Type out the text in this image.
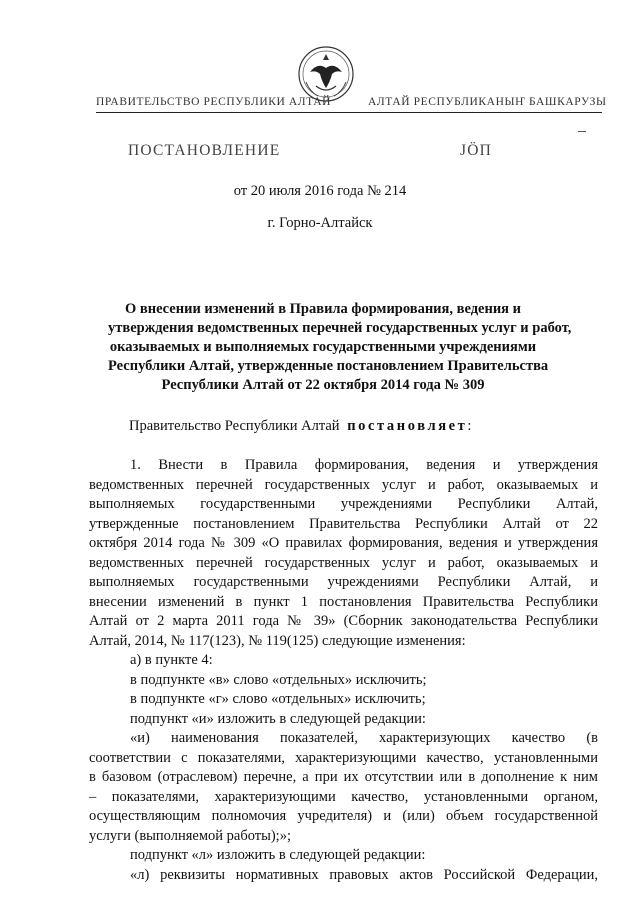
ПРАВИТЕЛЬСТВО РЕСПУБЛИКИ АЛТАЙ	АЛТАЙ РЕСПУБЛИКАНЫҤ БАШКАРУЗЫ
ПОСТАНОВЛЕНИЕ	JÖП
от 20 июля 2016 года № 214
г. Горно-Алтайск
О внесении изменений в Правила формирования, ведения и
утверждения ведомственных перечней государственных услуг и работ,
оказываемых и выполняемых государственными учреждениями
Республики Алтай, утвержденные постановлением Правительства
Республики Алтай от 22 октября 2014 года № 309
Правительство Республики Алтай постановляет:
1. Внести в Правила формирования, ведения и утверждения
ведомственных перечней государственных услуг и работ, оказываемых и
выполняемых государственными учреждениями Республики Алтай,
утвержденные постановлением Правительства Республики Алтай от 22
октября 2014 года № 309 «О правилах формирования, ведения и утверждения
ведомственных перечней государственных услуг и работ, оказываемых и
выполняемых государственными учреждениями Республики Алтай, и
внесении изменений в пункт 1 постановления Правительства Республики
Алтай от 2 марта 2011 года № 39» (Сборник законодательства Республики
Алтай, 2014, № 117(123), № 119(125) следующие изменения:
а) в пункте 4:
в подпункте «в» слово «отдельных» исключить;
в подпункте «г» слово «отдельных» исключить;
подпункт «и» изложить в следующей редакции:
«и) наименования показателей, характеризующих качество (в
соответствии с показателями, характеризующими качество, установленными
в базовом (отраслевом) перечне, а при их отсутствии или в дополнение к ним
– показателями, характеризующими качество, установленными органом,
осуществляющим полномочия учредителя) и (или) объем государственной
услуги (выполняемой работы);»;
подпункт «л» изложить в следующей редакции:
«л) реквизиты нормативных правовых актов Российской Федерации,
